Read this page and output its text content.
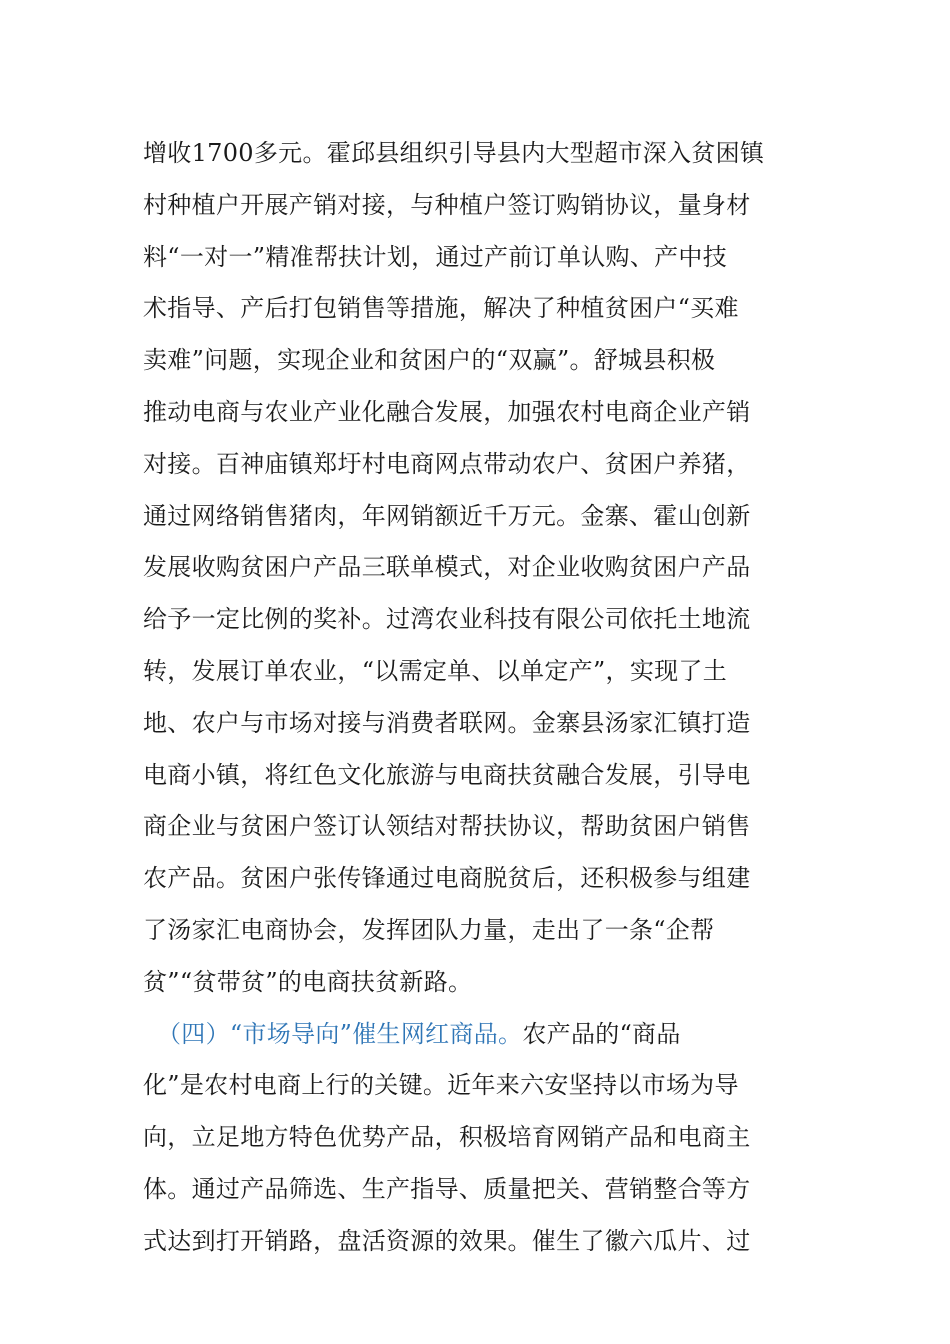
增收1700多元。霍邱县组织引导县内大型超市深入贫困镇
村种植户开展产销对接，与种植户签订购销协议，量身材
料“一对一”精准帮扶计划，通过产前订单认购、产中技
术指导、产后打包销售等措施，解决了种植贫困户“买难
卖难”问题，实现企业和贫困户的“双赢”。舒城县积极
推动电商与农业产业化融合发展，加强农村电商企业产销
对接。百神庙镇郑圩村电商网点带动农户、贫困户养猪，
通过网络销售猪肉，年网销额近千万元。金寨、霍山创新
发展收购贫困户产品三联单模式，对企业收购贫困户产品
给予一定比例的奖补。过湾农业科技有限公司依托土地流
转，发展订单农业，“以需定单、以单定产”，实现了土
地、农户与市场对接与消费者联网。金寨县汤家汇镇打造
电商小镇，将红色文化旅游与电商扶贫融合发展，引导电
商企业与贫困户签订认领结对帮扶协议，帮助贫困户销售
农产品。贫困户张传锋通过电商脱贫后，还积极参与组建
了汤家汇电商协会，发挥团队力量，走出了一条“企帮
贫”“贫带贫”的电商扶贫新路。
（四）“市场导向”催生网红商品。农产品的“商品
化”是农村电商上行的关键。近年来六安坚持以市场为导
向，立足地方特色优势产品，积极培育网销产品和电商主
体。通过产品筛选、生产指导、质量把关、营销整合等方
式达到打开销路，盘活资源的效果。催生了徽六瓜片、过
